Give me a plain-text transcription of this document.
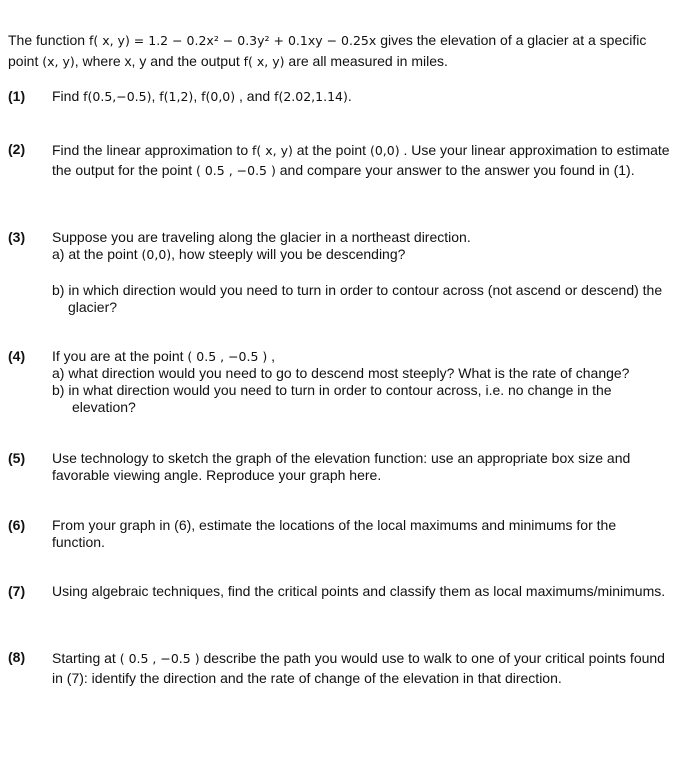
The function f( x, y) = 1.2 − 0.2x² − 0.3y² + 0.1xy − 0.25x gives the elevation of a glacier at a specific point (x, y), where x, y and the output f( x, y) are all measured in miles.
(1) Find f(0.5,−0.5), f(1,2), f(0,0) , and f(2.02,1.14).
(2) Find the linear approximation to f( x, y) at the point (0,0) . Use your linear approximation to estimate the output for the point ( 0.5 , −0.5 ) and compare your answer to the answer you found in (1).
(3) Suppose you are traveling along the glacier in a northeast direction.
a) at the point (0,0), how steeply will you be descending?
b) in which direction would you need to turn in order to contour across (not ascend or descend) the glacier?
(4) If you are at the point ( 0.5 , −0.5 ) ,
a) what direction would you need to go to descend most steeply? What is the rate of change?
b) in what direction would you need to turn in order to contour across, i.e. no change in the elevation?
(5) Use technology to sketch the graph of the elevation function: use an appropriate box size and favorable viewing angle. Reproduce your graph here.
(6) From your graph in (6), estimate the locations of the local maximums and minimums for the function.
(7) Using algebraic techniques, find the critical points and classify them as local maximums/minimums.
(8) Starting at ( 0.5 , −0.5 ) describe the path you would use to walk to one of your critical points found in (7): identify the direction and the rate of change of the elevation in that direction.
